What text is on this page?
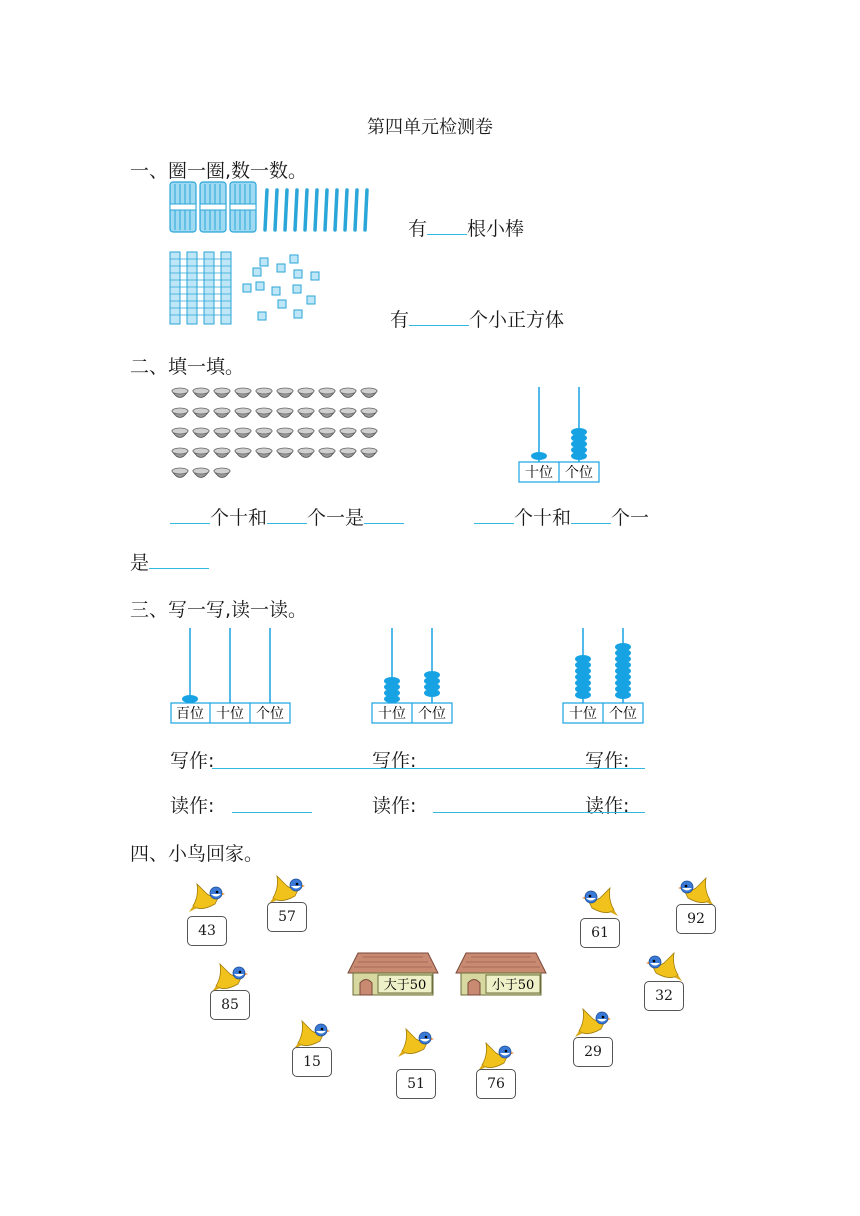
第四单元检测卷
一、圈一圈,数一数。
有 根小棒
有	个小正方体
二、填一填。
十位 个位
个十和 个一是	个十和 个一
是
三、写一写,读一读。
百位 十位 个位	十位 个位	十位 个位
写作:	写作:	写作:
读作:	读作:	读作:
四、小鸟回家。
大于50	小于50
43
57
61
92
85
32
15
51	76
29
